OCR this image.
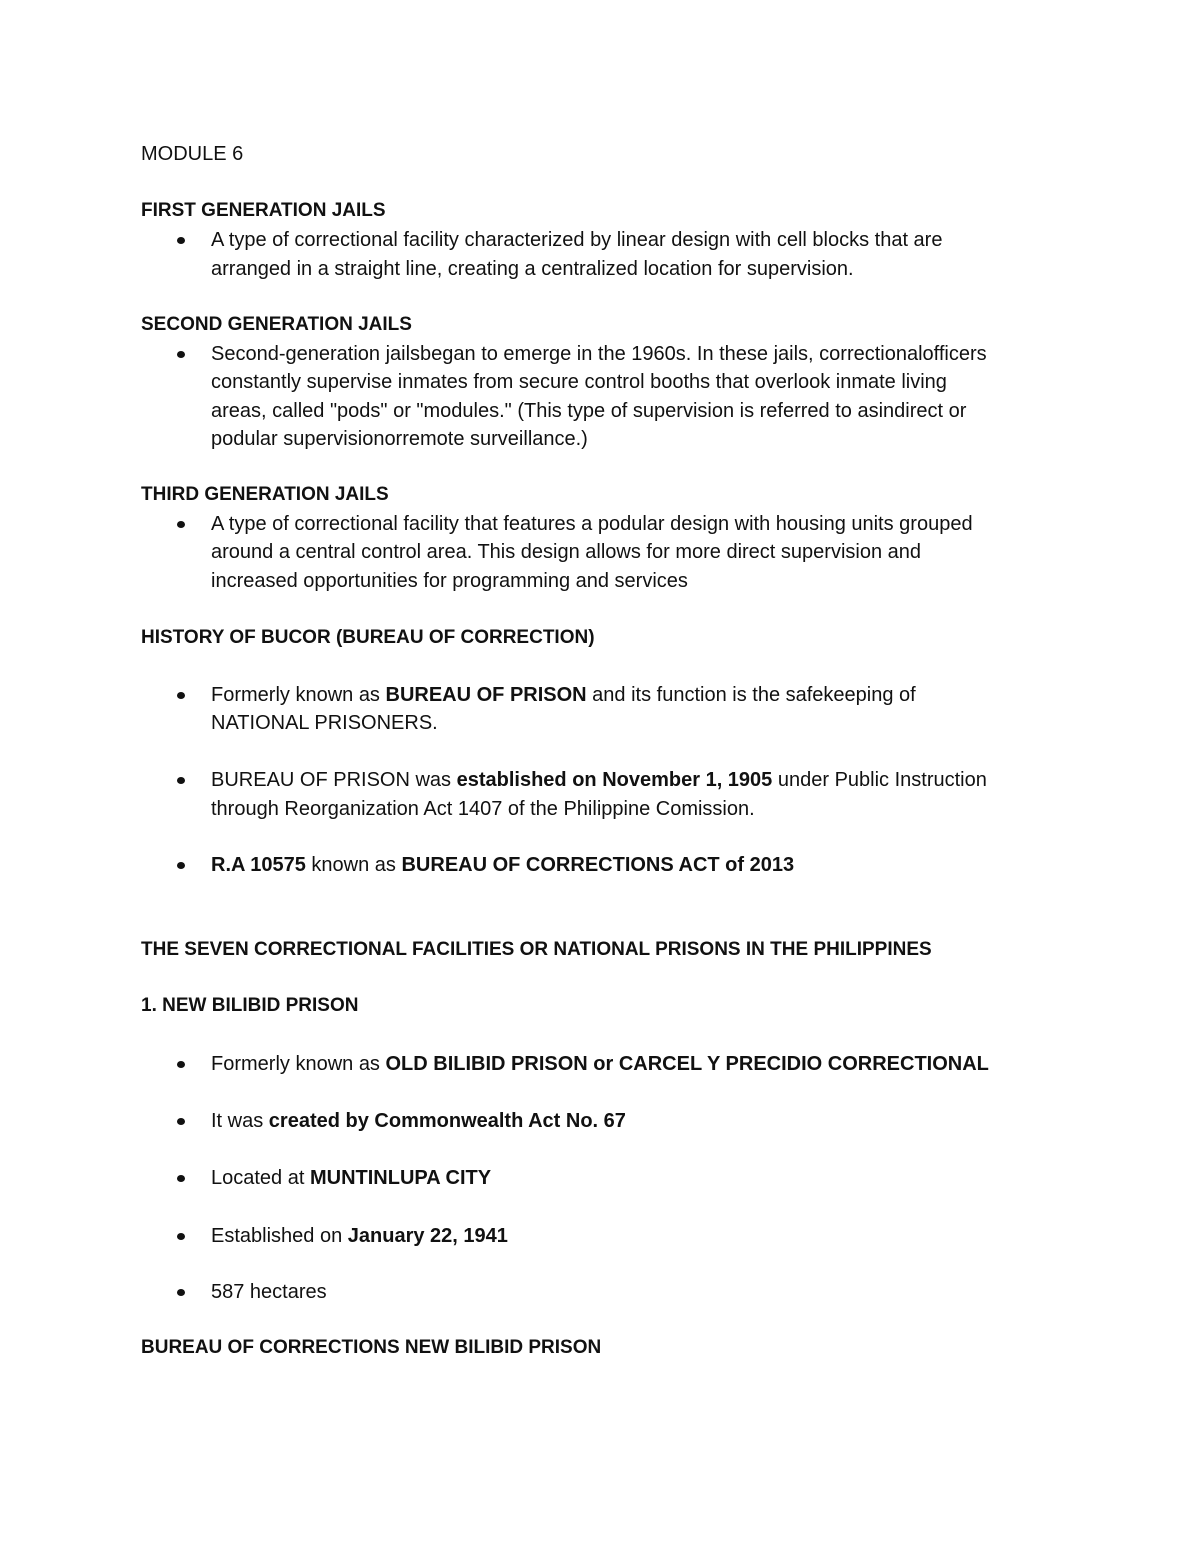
MODULE 6
FIRST GENERATION JAILS
A type of correctional facility characterized by linear design with cell blocks that are
arranged in a straight line, creating a centralized location for supervision.
SECOND GENERATION JAILS
Second-generation jailsbegan to emerge in the 1960s. In these jails, correctionalofficers
constantly supervise inmates from secure control booths that overlook inmate living
areas, called "pods" or "modules." (This type of supervision is referred to asindirect or
podular supervisionorremote surveillance.)
THIRD GENERATION JAILS
A type of correctional facility that features a podular design with housing units grouped
around a central control area. This design allows for more direct supervision and
increased opportunities for programming and services
HISTORY OF BUCOR (BUREAU OF CORRECTION)
Formerly known as BUREAU OF PRISON and its function is the safekeeping of
NATIONAL PRISONERS.
BUREAU OF PRISON was established on November 1, 1905 under Public Instruction
through Reorganization Act 1407 of the Philippine Comission.
R.A 10575 known as BUREAU OF CORRECTIONS ACT of 2013
THE SEVEN CORRECTIONAL FACILITIES OR NATIONAL PRISONS IN THE PHILIPPINES
1. NEW BILIBID PRISON
Formerly known as OLD BILIBID PRISON or CARCEL Y PRECIDIO CORRECTIONAL
It was created by Commonwealth Act No. 67
Located at MUNTINLUPA CITY
Established on January 22, 1941
587 hectares
BUREAU OF CORRECTIONS NEW BILIBID PRISON
